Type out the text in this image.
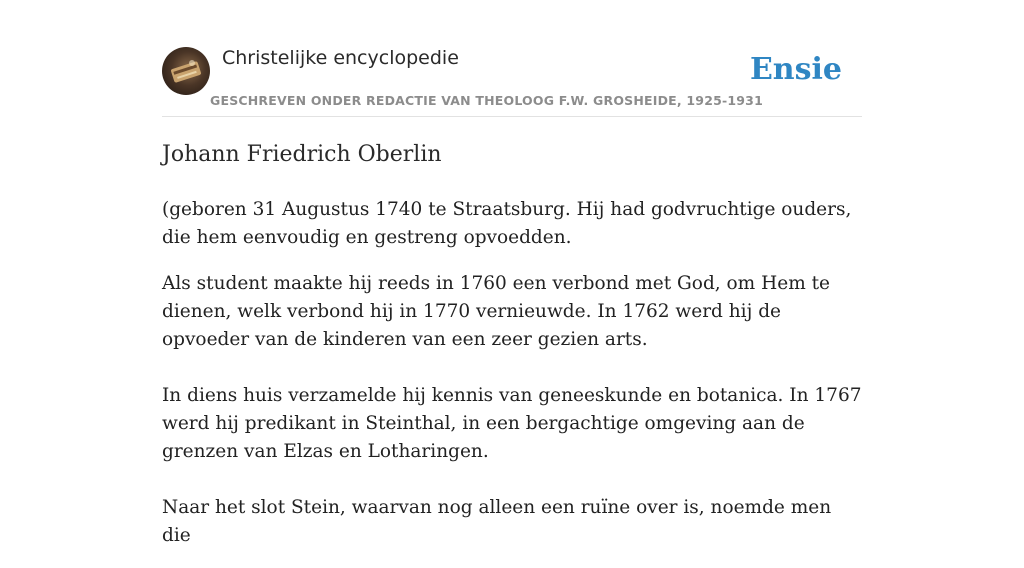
Christelijke encyclopedie
GESCHREVEN ONDER REDACTIE VAN THEOLOOG F.W. GROSHEIDE, 1925-1931
Ensie
Johann Friedrich Oberlin

(geboren 31 Augustus 1740 te Straatsburg. Hij had godvruchtige ouders, die hem eenvoudig en gestreng opvoedden.

Als student maakte hij reeds in 1760 een verbond met God, om Hem te dienen, welk verbond hij in 1770 vernieuwde. In 1762 werd hij de opvoeder van de kinderen van een zeer gezien arts.

In diens huis verzamelde hij kennis van geneeskunde en botanica. In 1767 werd hij predikant in Steinthal, in een bergachtige omgeving aan de grenzen van Elzas en Lotharingen.

Naar het slot Stein, waarvan nog alleen een ruïne over is, noemde men die
